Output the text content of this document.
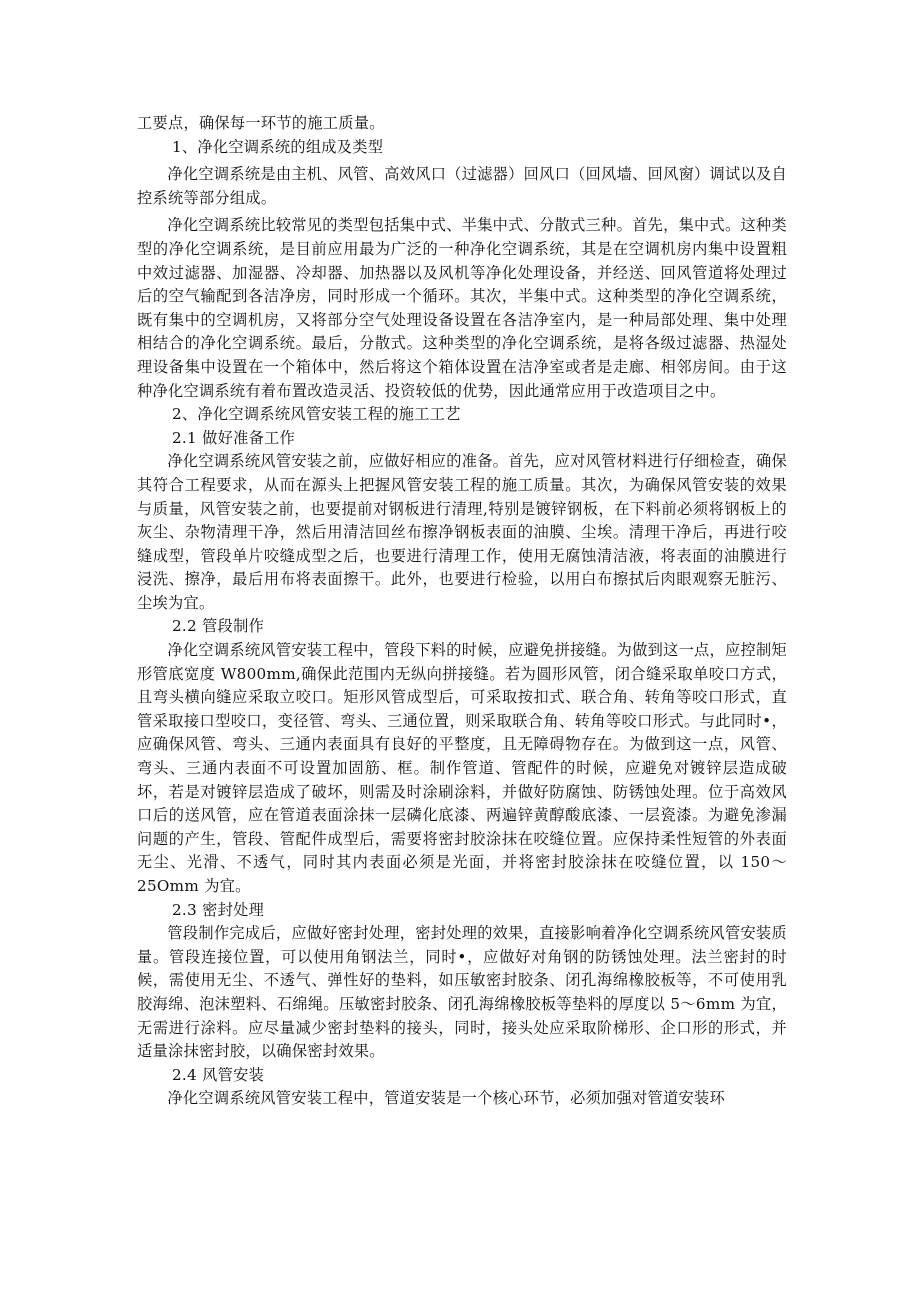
工要点，确保每一环节的施工质量。

1、净化空调系统的组成及类型

净化空调系统是由主机、风管、高效风口（过滤器）回风口（回风墙、回风窗）调试以及自控系统等部分组成。

净化空调系统比较常见的类型包括集中式、半集中式、分散式三种。首先，集中式。这种类型的净化空调系统，是目前应用最为广泛的一种净化空调系统，其是在空调机房内集中设置粗中效过滤器、加湿器、冷却器、加热器以及风机等净化处理设备，并经送、回风管道将处理过后的空气输配到各洁净房，同时形成一个循环。其次，半集中式。这种类型的净化空调系统，既有集中的空调机房，又将部分空气处理设备设置在各洁净室内，是一种局部处理、集中处理相结合的净化空调系统。最后，分散式。这种类型的净化空调系统，是将各级过滤器、热湿处理设备集中设置在一个箱体中，然后将这个箱体设置在洁净室或者是走廊、相邻房间。由于这种净化空调系统有着布置改造灵活、投资较低的优势，因此通常应用于改造项目之中。

2、净化空调系统风管安装工程的施工工艺

2.1 做好准备工作

净化空调系统风管安装之前，应做好相应的准备。首先，应对风管材料进行仔细检查，确保其符合工程要求，从而在源头上把握风管安装工程的施工质量。其次，为确保风管安装的效果与质量，风管安装之前，也要提前对钢板进行清理,特别是镀锌钢板，在下料前必须将钢板上的灰尘、杂物清理干净，然后用清洁回丝布擦净钢板表面的油膜、尘埃。清理干净后，再进行咬缝成型，管段单片咬缝成型之后，也要进行清理工作，使用无腐蚀清洁液，将表面的油膜进行浸洗、擦净，最后用布将表面擦干。此外，也要进行检验，以用白布擦拭后肉眼观察无脏污、尘埃为宜。

2.2 管段制作

净化空调系统风管安装工程中，管段下料的时候，应避免拼接缝。为做到这一点，应控制矩形管底宽度 W800mm,确保此范围内无纵向拼接缝。若为圆形风管，闭合缝采取单咬口方式，且弯头横向缝应采取立咬口。矩形风管成型后，可采取按扣式、联合角、转角等咬口形式，直管采取接口型咬口，变径管、弯头、三通位置，则采取联合角、转角等咬口形式。与此同时•，应确保风管、弯头、三通内表面具有良好的平整度，且无障碍物存在。为做到这一点，风管、弯头、三通内表面不可设置加固筋、框。制作管道、管配件的时候，应避免对镀锌层造成破坏，若是对镀锌层造成了破坏，则需及时涂刷涂料，并做好防腐蚀、防锈蚀处理。位于高效风口后的送风管，应在管道表面涂抹一层磷化底漆、两遍锌黄醇酸底漆、一层瓷漆。为避免渗漏问题的产生，管段、管配件成型后，需要将密封胶涂抹在咬缝位置。应保持柔性短管的外表面无尘、光滑、不透气，同时其内表面必须是光面，并将密封胶涂抹在咬缝位置，以 150～25Omm 为宜。

2.3 密封处理

管段制作完成后，应做好密封处理，密封处理的效果，直接影响着净化空调系统风管安装质量。管段连接位置，可以使用角钢法兰，同时•，应做好对角钢的防锈蚀处理。法兰密封的时候，需使用无尘、不透气、弹性好的垫料，如压敏密封胶条、闭孔海绵橡胶板等，不可使用乳胶海绵、泡沫塑料、石绵绳。压敏密封胶条、闭孔海绵橡胶板等垫料的厚度以 5～6mm 为宜，无需进行涂料。应尽量减少密封垫料的接头，同时，接头处应采取阶梯形、企口形的形式，并适量涂抹密封胶，以确保密封效果。

2.4 风管安装

净化空调系统风管安装工程中，管道安装是一个核心环节，必须加强对管道安装环
